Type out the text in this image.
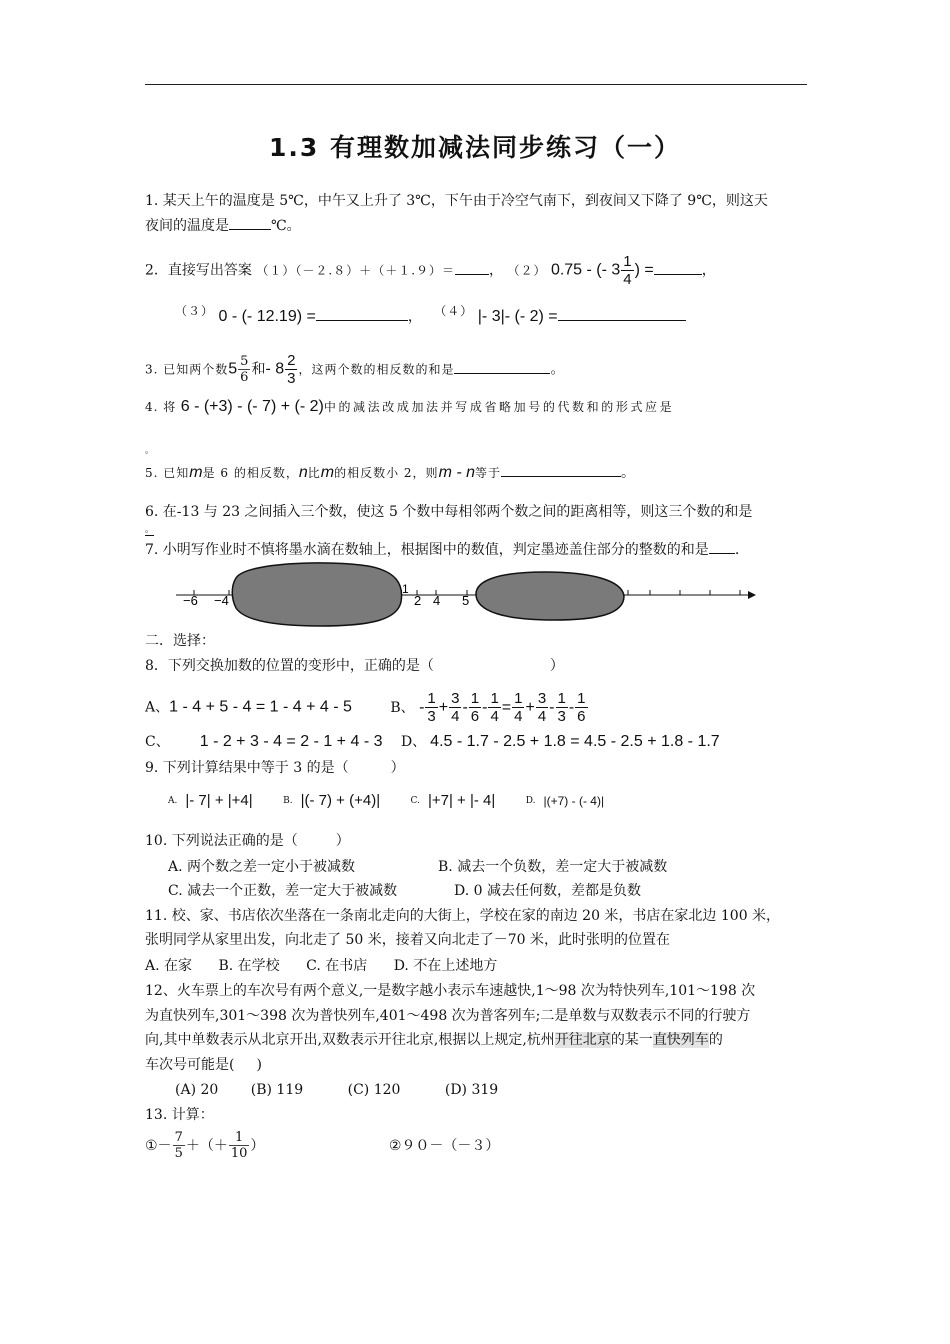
1.3 有理数加减法同步练习（一）
1. 某天上午的温度是 5℃，中午又上升了 3℃，下午由于冷空气南下，到夜间又下降了 9℃，则这天
夜间的温度是	℃。
2．直接写出答案 （１）（－２.８）＋（＋１.９）＝ ， （２） 0.75 - (- $3 \frac{1}{4}$ ) =	，
（３） 0 - (- 12.19) =	， （４） |- 3|- (- 2) =
3. 已知两个数$5 \frac{5}{6}$ 和- $8 \frac{2}{3}$ ，这两个数的相反数的和是	。
4. 将 6 - (+3) - (- 7) + (- 2)中的减法改成加法并写成省略加号的代数和的形式应是
。
5. 已知m是 6 的相反数，n比m的相反数小 2，则m - n等于	。
6. 在-13 与 23 之间插入三个数，使这 5 个数中每相邻两个数之间的距离相等，则这三个数的和是
。
7. 小明写作业时不慎将墨水滴在数轴上，根据图中的数值，判定墨迹盖住部分的整数的和是 .
−6 −4
1
2 4 5
二．选择：
8．下列交换加数的位置的变形中，正确的是（	）
A、1 - 4 + 5 - 4 = 1 - 4 + 4 - 5	B、 - $\frac{1}{3} + \frac{3}{4} - \frac{1}{6} - \frac{1}{4} = \frac{1}{4} + \frac{3}{4} - \frac{1}{3} - \frac{1}{6}$
C、 1 - 2 + 3 - 4 = 2 - 1 + 4 - 3 D、 4.5 - 1.7 - 2.5 + 1.8 = 4.5 - 2.5 + 1.8 - 1.7
9. 下列计算结果中等于 3 的是（	）
A. |- 7| + |+4|	B. |(- 7) + (+4)|	C. |+7| + |- 4|	D. |(+7) - (- 4)|
10. 下列说法正确的是（	）
A. 两个数之差一定小于被减数	B. 减去一个负数，差一定大于被减数
C. 减去一个正数，差一定大于被减数	D. 0 减去任何数，差都是负数
11. 校、家、书店依次坐落在一条南北走向的大街上，学校在家的南边 20 米，书店在家北边 100 米，
张明同学从家里出发，向北走了 50 米，接着又向北走了－70 米，此时张明的位置在
A. 在家 B. 在学校 C. 在书店 D. 不在上述地方
12、火车票上的车次号有两个意义,一是数字越小表示车速越快,1～98 次为特快列车,101～198 次
为直快列车,301～398 次为普快列车,401～498 次为普客列车;二是单数与双数表示不同的行驶方
向,其中单数表示从北京开出,双数表示开往北京,根据以上规定,杭州开往北京的某一直快列车的
车次号可能是( )
(A) 20 (B) 119	(C) 120	(D) 319
13. 计算：
①－ $\frac{7}{5}$ ＋（＋ $\frac{1}{10}$ ）	②９０－（－３）
